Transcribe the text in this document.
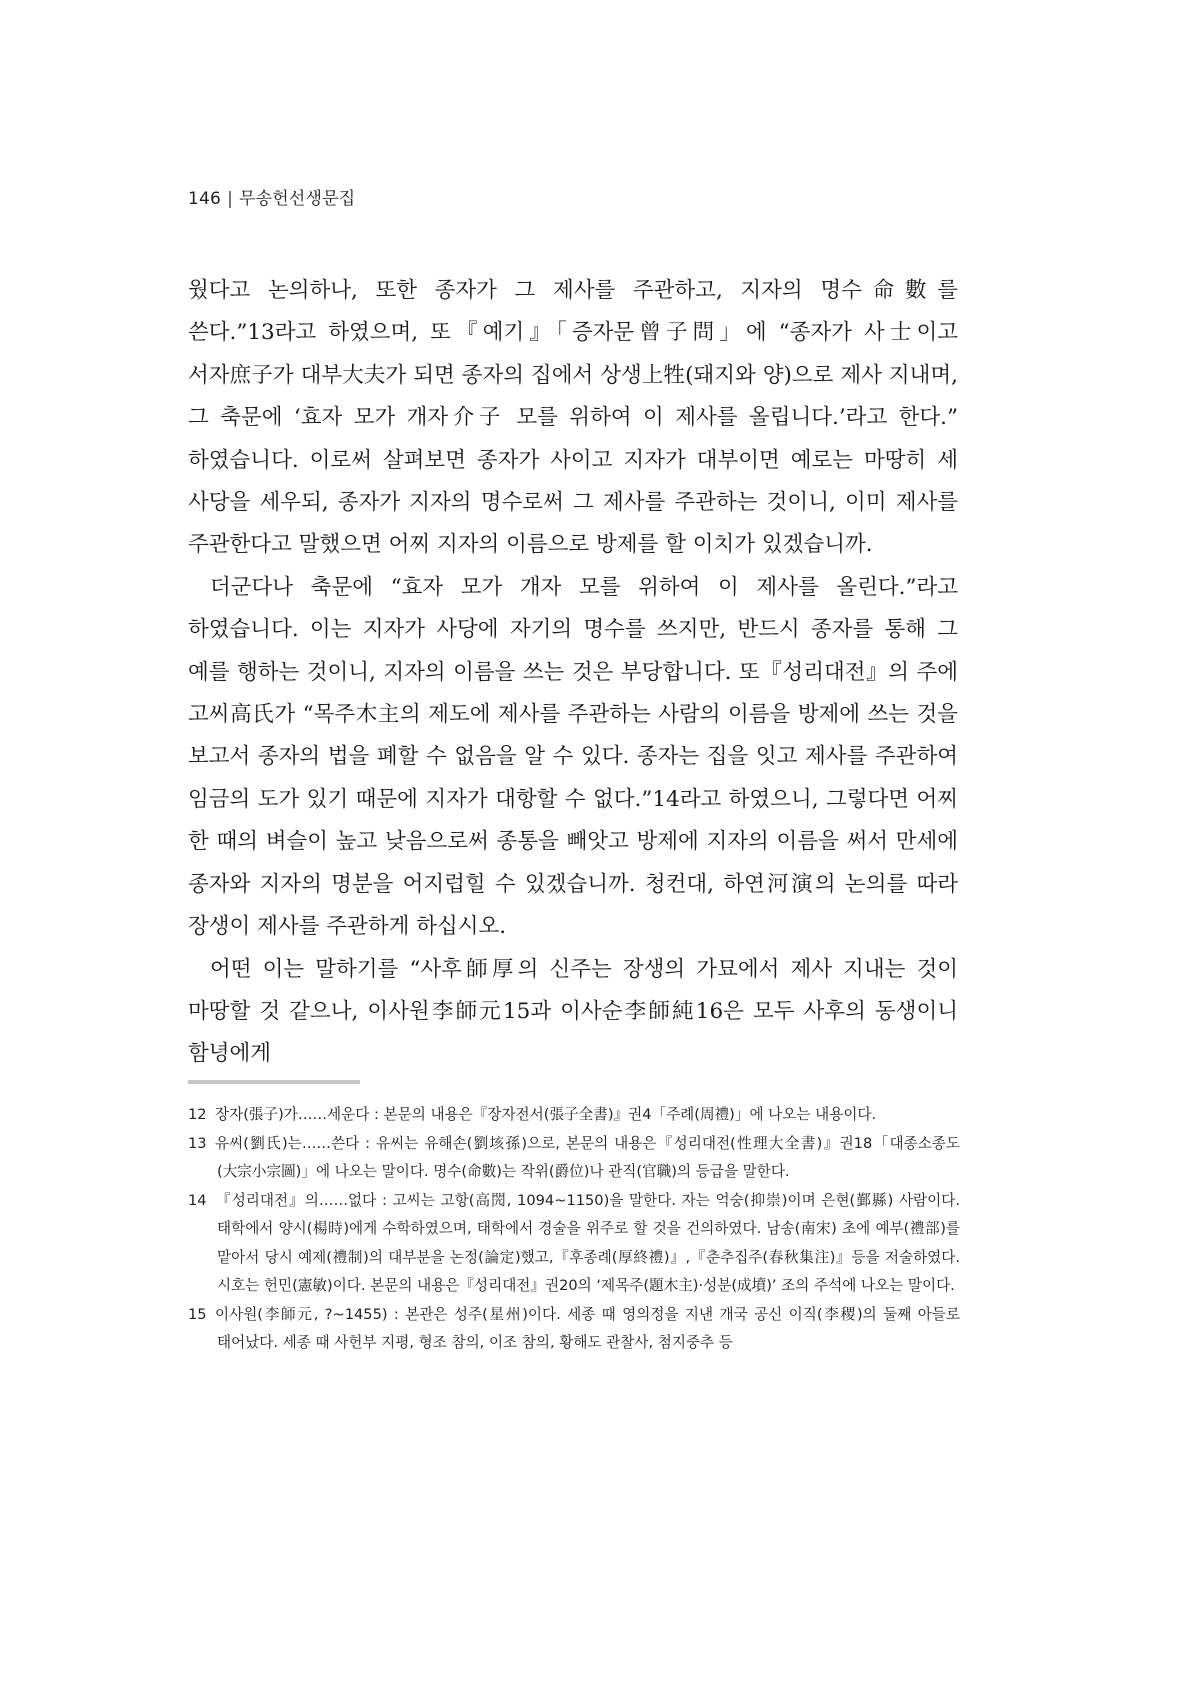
146 | 무송헌선생문집

웠다고 논의하나, 또한 종자가 그 제사를 주관하고, 지자의 명수命數를 쓴다.”13라고 하였으며, 또『예기』「증자문曾子問」에 “종자가 사士이고 서자庶子가 대부大夫가 되면 종자의 집에서 상생上牲(돼지와 양)으로 제사 지내며, 그 축문에 ‘효자 모가 개자介子 모를 위하여 이 제사를 올립니다.’라고 한다.” 하였습니다. 이로써 살펴보면 종자가 사이고 지자가 대부이면 예로는 마땅히 세 사당을 세우되, 종자가 지자의 명수로써 그 제사를 주관하는 것이니, 이미 제사를 주관한다고 말했으면 어찌 지자의 이름으로 방제를 할 이치가 있겠습니까.

더군다나 축문에 “효자 모가 개자 모를 위하여 이 제사를 올린다.”라고 하였습니다. 이는 지자가 사당에 자기의 명수를 쓰지만, 반드시 종자를 통해 그 예를 행하는 것이니, 지자의 이름을 쓰는 것은 부당합니다. 또『성리대전』의 주에 고씨高氏가 “목주木主의 제도에 제사를 주관하는 사람의 이름을 방제에 쓰는 것을 보고서 종자의 법을 폐할 수 없음을 알 수 있다. 종자는 집을 잇고 제사를 주관하여 임금의 도가 있기 때문에 지자가 대항할 수 없다.”14라고 하였으니, 그렇다면 어찌 한 때의 벼슬이 높고 낮음으로써 종통을 빼앗고 방제에 지자의 이름을 써서 만세에 종자와 지자의 명분을 어지럽힐 수 있겠습니까. 청컨대, 하연河演의 논의를 따라 장생이 제사를 주관하게 하십시오.

어떤 이는 말하기를 “사후師厚의 신주는 장생의 가묘에서 제사 지내는 것이 마땅할 것 같으나, 이사원李師元15과 이사순李師純16은 모두 사후의 동생이니 함녕에게

12 장자(張子)가……세운다 : 본문의 내용은『장자전서(張子全書)』권4「주례(周禮)」에 나오는 내용이다.

13 유씨(劉氏)는……쓴다 : 유씨는 유해손(劉垓孫)으로, 본문의 내용은『성리대전(性理大全書)』권18「대종소종도(大宗小宗圖)」에 나오는 말이다. 명수(命數)는 작위(爵位)나 관직(官職)의 등급을 말한다.

14 『성리대전』의……없다 : 고씨는 고항(高閌, 1094~1150)을 말한다. 자는 억숭(抑崇)이며 은현(鄞縣) 사람이다. 태학에서 양시(楊時)에게 수학하였으며, 태학에서 경술을 위주로 할 것을 건의하였다. 남송(南宋) 초에 예부(禮部)를 맡아서 당시 예제(禮制)의 대부분을 논정(論定)했고,『후종례(厚終禮)』,『춘추집주(春秋集注)』등을 저술하였다. 시호는 헌민(憲敏)이다. 본문의 내용은『성리대전』권20의 ‘제목주(題木主)·성분(成墳)’ 조의 주석에 나오는 말이다.

15 이사원(李師元, ?~1455) : 본관은 성주(星州)이다. 세종 때 영의정을 지낸 개국 공신 이직(李稷)의 둘째 아들로 태어났다. 세종 때 사헌부 지평, 형조 참의, 이조 참의, 황해도 관찰사, 첨지중추 등
